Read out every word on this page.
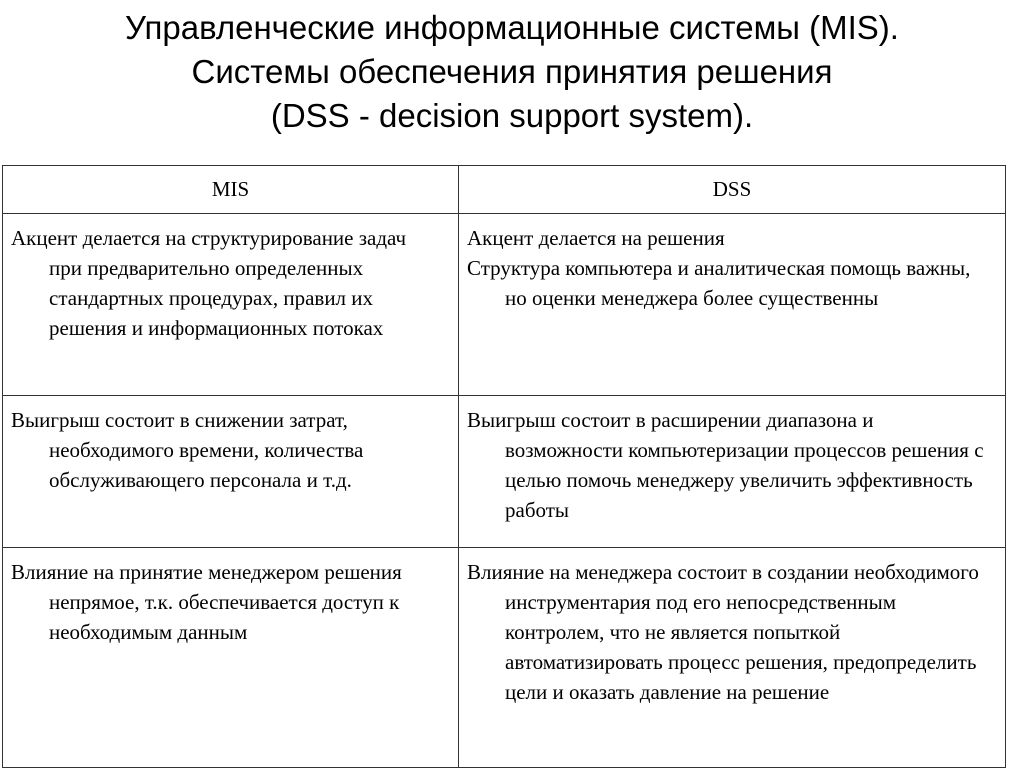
Управленческие информационные системы (MIS).
Системы обеспечения принятия решения
(DSS - decision support system).
MIS	DSS

Акцент делается на структурирование задач при предварительно определенных стандартных процедурах, правил их решения и информационных потоках	Акцент делается на решения
Структура компьютера и аналитическая помощь важны, но оценки менеджера более существенны

Выигрыш состоит в снижении затрат, необходимого времени, количества обслуживающего персонала и т.д.	Выигрыш состоит в расширении диапазона и возможности компьютеризации процессов решения с целью помочь менеджеру увеличить эффективность работы

Влияние на принятие менеджером решения непрямое, т.к. обеспечивается доступ к необходимым данным	Влияние на менеджера состоит в создании необходимого инструментария под его непосредственным контролем, что не является попыткой автоматизировать процесс решения, предопределить цели и оказать давление на решение
